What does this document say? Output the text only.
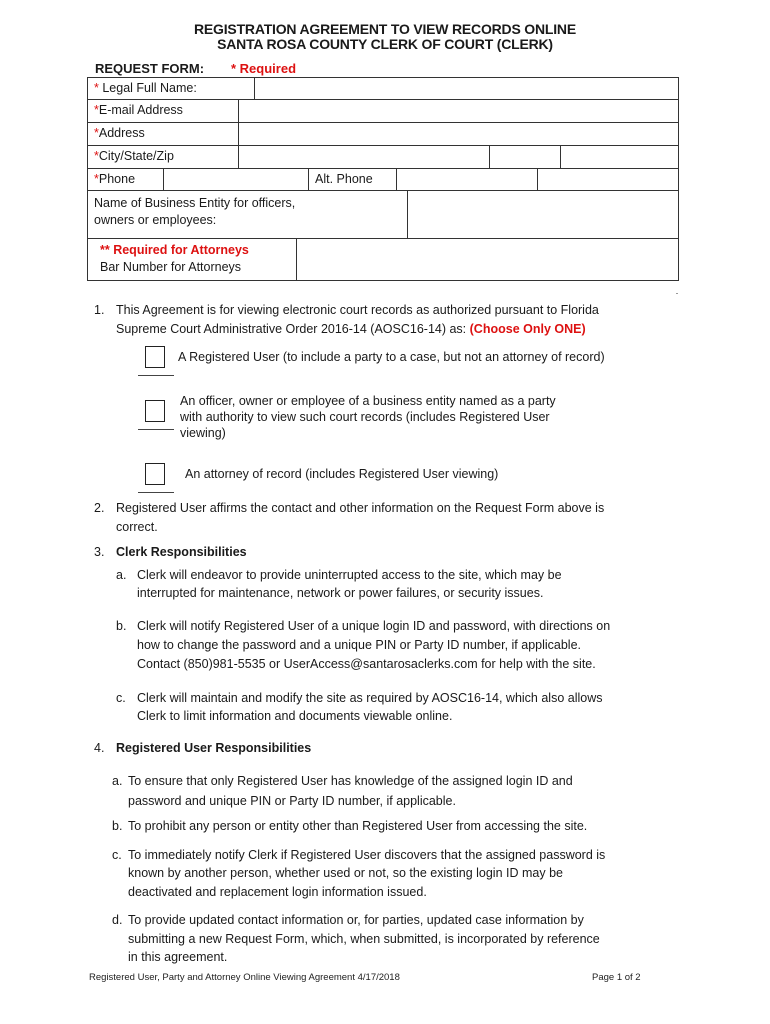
REGISTRATION AGREEMENT TO VIEW RECORDS ONLINE
SANTA ROSA COUNTY CLERK OF COURT (CLERK)
REQUEST FORM: * Required
* Legal Full Name:
*E-mail Address
*Address
*City/State/Zip
*Phone	Alt. Phone
Name of Business Entity for officers,
owners or employees:
** Required for Attorneys
Bar Number for Attorneys
1. This Agreement is for viewing electronic court records as authorized pursuant to Florida
Supreme Court Administrative Order 2016-14 (AOSC16-14) as: (Choose Only ONE)
A Registered User (to include a party to a case, but not an attorney of record)
An officer, owner or employee of a business entity named as a party
with authority to view such court records (includes Registered User
viewing)
An attorney of record (includes Registered User viewing)
2. Registered User affirms the contact and other information on the Request Form above is
correct.
3. Clerk Responsibilities
a. Clerk will endeavor to provide uninterrupted access to the site, which may be
interrupted for maintenance, network or power failures, or security issues.
b. Clerk will notify Registered User of a unique login ID and password, with directions on
how to change the password and a unique PIN or Party ID number, if applicable.
Contact (850)981-5535 or UserAccess@santarosaclerks.com for help with the site.
c. Clerk will maintain and modify the site as required by AOSC16-14, which also allows
Clerk to limit information and documents viewable online.
4. Registered User Responsibilities
a. To ensure that only Registered User has knowledge of the assigned login ID and
password and unique PIN or Party ID number, if applicable.
b. To prohibit any person or entity other than Registered User from accessing the site.
c. To immediately notify Clerk if Registered User discovers that the assigned password is
known by another person, whether used or not, so the existing login ID may be
deactivated and replacement login information issued.
d. To provide updated contact information or, for parties, updated case information by
submitting a new Request Form, which, when submitted, is incorporated by reference
in this agreement.
Registered User, Party and Attorney Online Viewing Agreement 4/17/2018	Page 1 of 2
